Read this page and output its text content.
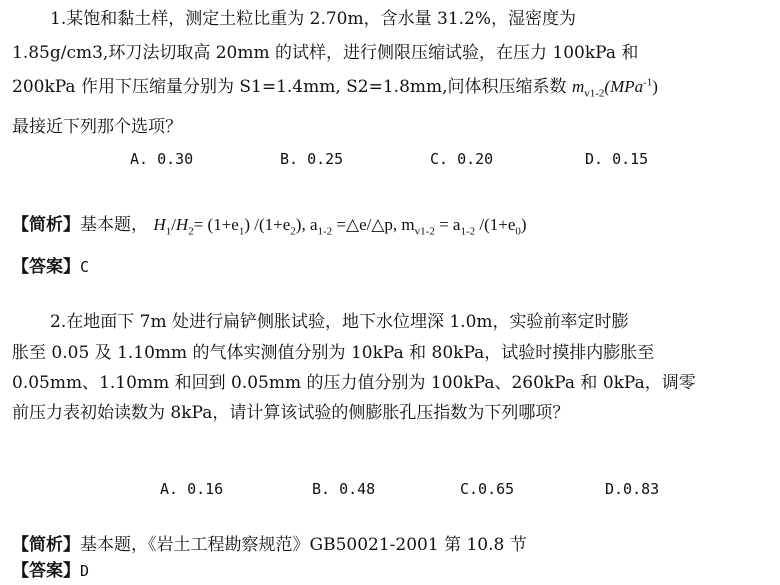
1.某饱和黏土样，测定土粒比重为 2.70m，含水量 31.2%，湿密度为
1.85g/cm3,环刀法切取高 20mm 的试样，进行侧限压缩试验，在压力 100kPa 和
200kPa 作用下压缩量分别为 S1=1.4mm, S2=1.8mm,问体积压缩系数 $m_{v1-2}(MPa^{-1})$
最接近下列那个选项？
A. 0.30	B. 0.25	C. 0.20	D. 0.15
【简析】基本题， $H_1/H_2= (1+e_1)$ $/(1+e_2)$, $a_{1-2}$ =△e/△p, $m_{v1-2} = a_{1-2}$ $/(1+e_0)$
【答案】C
2.在地面下 7m 处进行扁铲侧胀试验，地下水位埋深 1.0m，实验前率定时膨
胀至 0.05 及 1.10mm 的气体实测值分别为 10kPa 和 80kPa，试验时摸排内膨胀至
0.05mm、1.10mm 和回到 0.05mm 的压力值分别为 100kPa、260kPa 和 0kPa，调零
前压力表初始读数为 8kPa，请计算该试验的侧膨胀孔压指数为下列哪项？
A. 0.16	B. 0.48	C.0.65	D.0.83
【简析】基本题，《岩土工程勘察规范》GB50021-2001 第 10.8 节
【答案】D
